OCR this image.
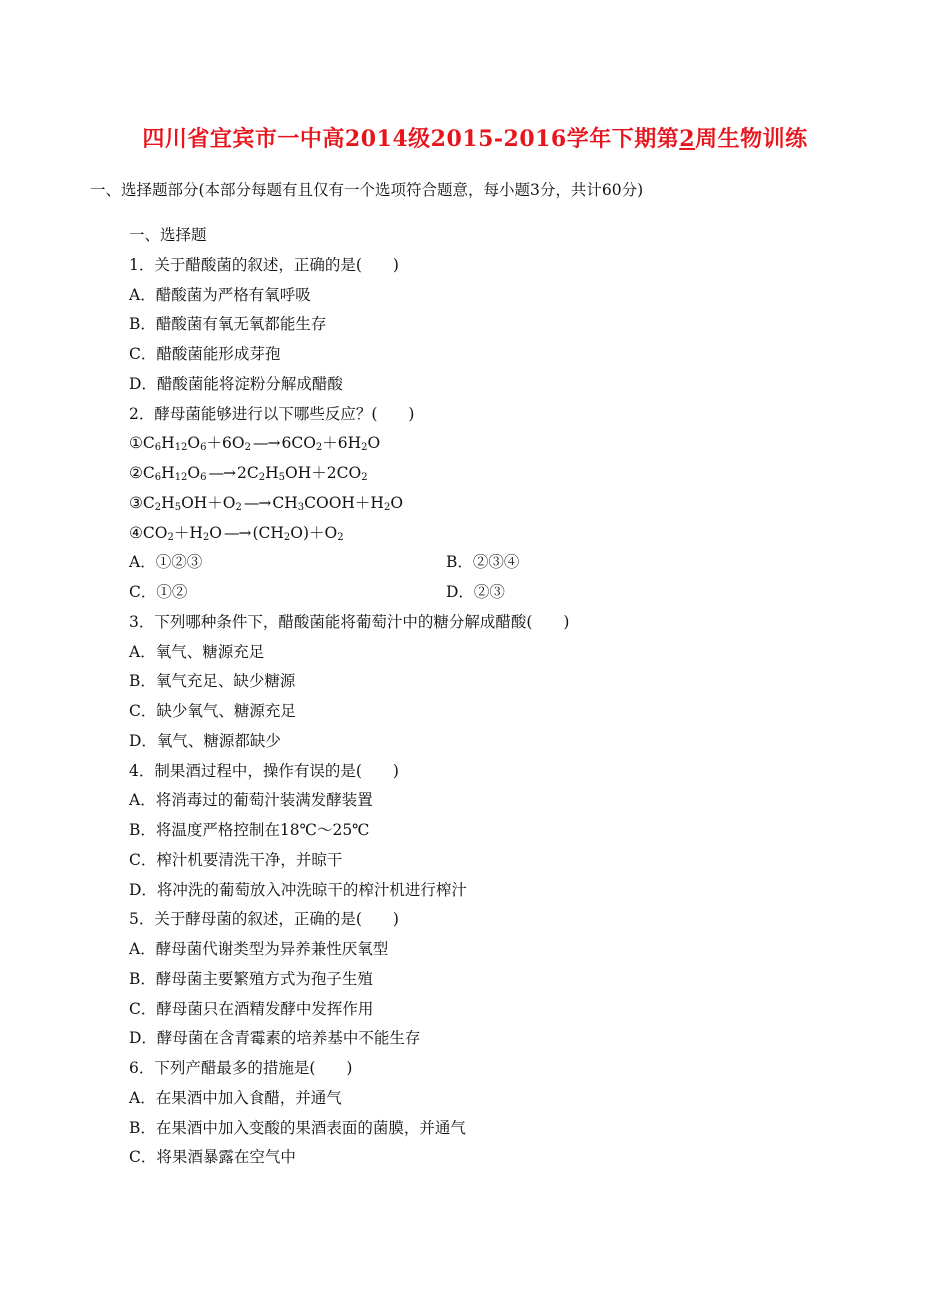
四川省宜宾市一中高2014级2015-2016学年下期第2周生物训练
一、选择题部分(本部分每题有且仅有一个选项符合题意，每小题3分，共计60分)
一、选择题
1．关于醋酸菌的叙述，正确的是(　　)
A．醋酸菌为严格有氧呼吸
B．醋酸菌有氧无氧都能生存
C．醋酸菌能形成芽孢
D．醋酸菌能将淀粉分解成醋酸
2．酵母菌能够进行以下哪些反应？(　　)
$①C_6H_{12}O_6+6O_2$ —→ $6CO_2+6H_2O$
$②C_6H_{12}O_6$ —→ $2C_2H_5OH+2CO_2$
$③C_2H_5OH+O_2$ —→ $CH_3COOH+H_2O$
$④CO_2+H_2O$ —→ $(CH_2O)+O_2$
A．①②③	B．②③④
C．①②	D．②③
3．下列哪种条件下，醋酸菌能将葡萄汁中的糖分解成醋酸(　　)
A．氧气、糖源充足
B．氧气充足、缺少糖源
C．缺少氧气、糖源充足
D．氧气、糖源都缺少
4．制果酒过程中，操作有误的是(　　)
A．将消毒过的葡萄汁装满发酵装置
B．将温度严格控制在18℃～25℃
C．榨汁机要清洗干净，并晾干
D．将冲洗的葡萄放入冲洗晾干的榨汁机进行榨汁
5．关于酵母菌的叙述，正确的是(　　)
A．酵母菌代谢类型为异养兼性厌氧型
B．酵母菌主要繁殖方式为孢子生殖
C．酵母菌只在酒精发酵中发挥作用
D．酵母菌在含青霉素的培养基中不能生存
6．下列产醋最多的措施是(　　)
A．在果酒中加入食醋，并通气
B．在果酒中加入变酸的果酒表面的菌膜，并通气
C．将果酒暴露在空气中
